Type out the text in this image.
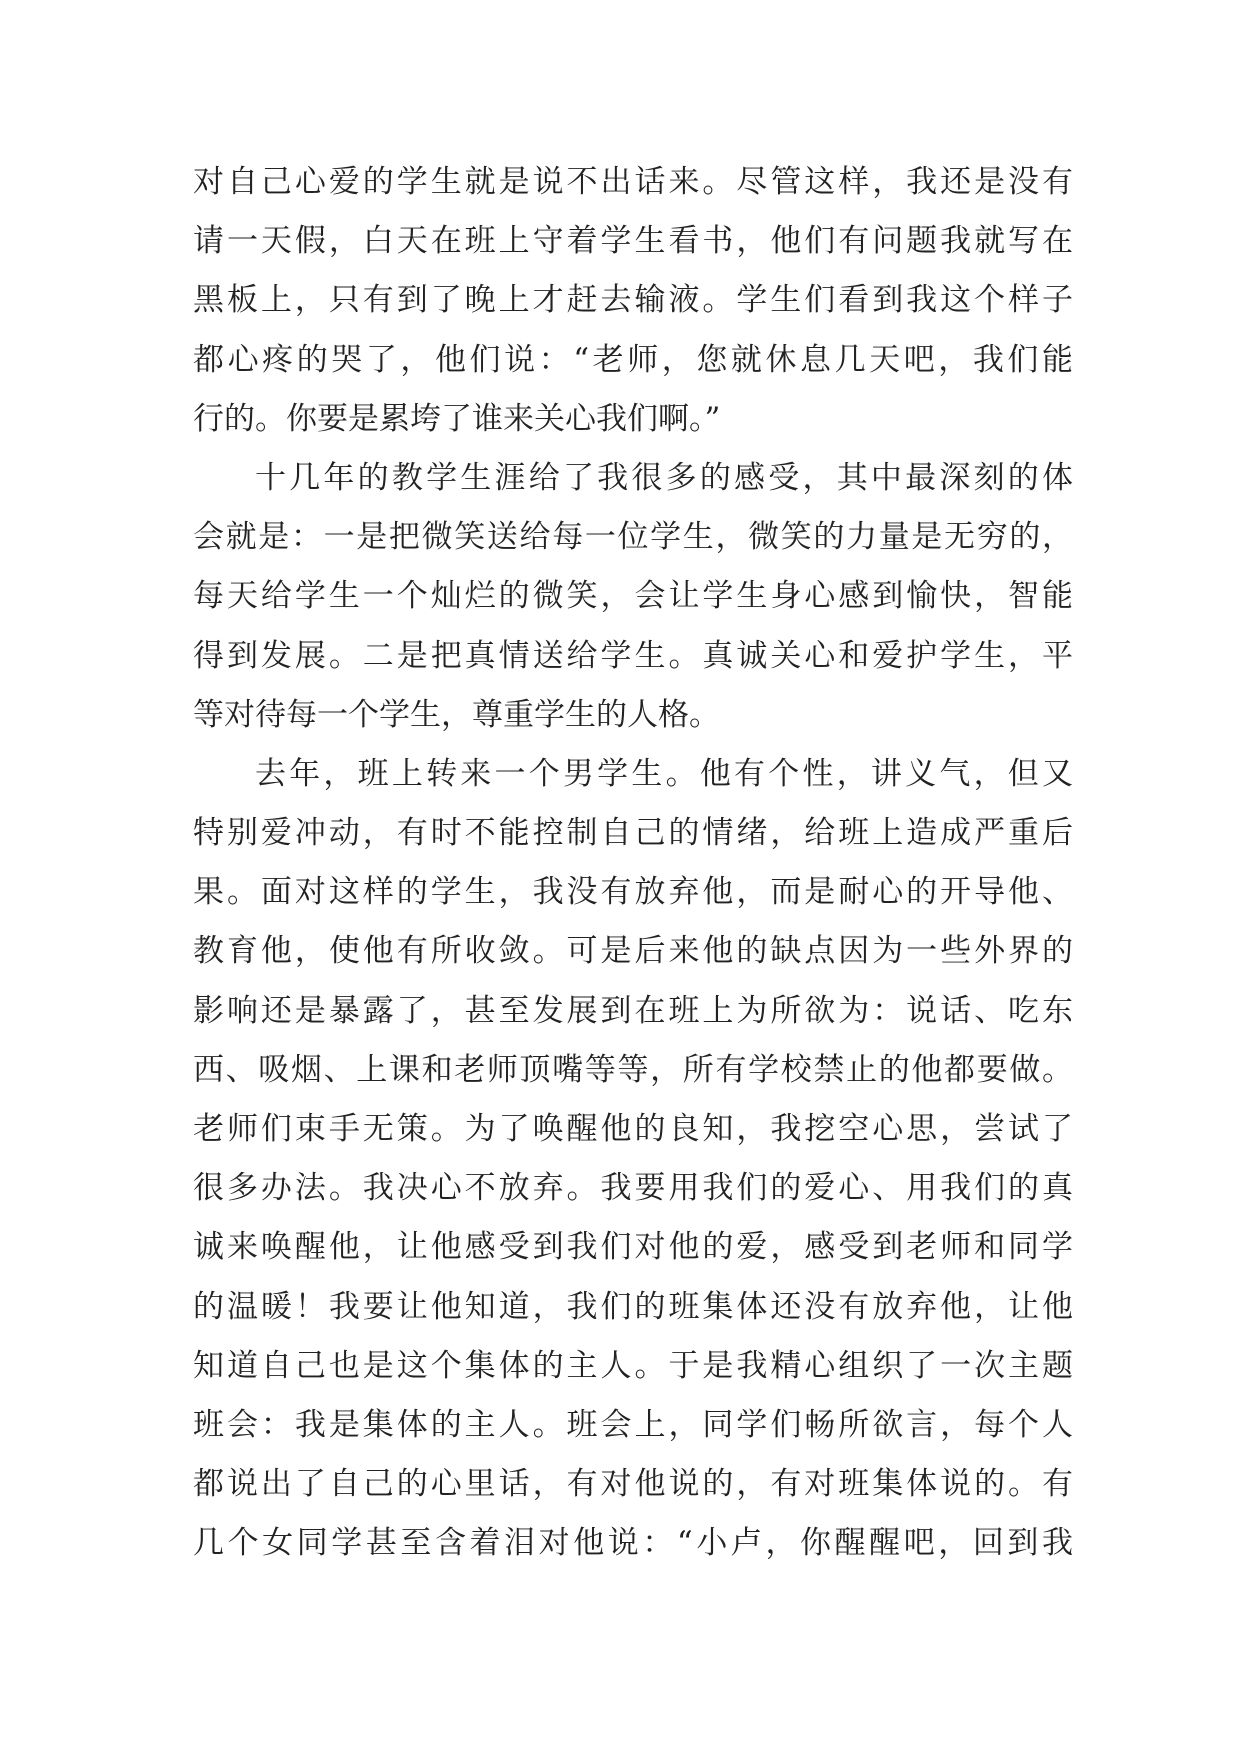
对自己心爱的学生就是说不出话来。尽管这样，我还是没有
请一天假，白天在班上守着学生看书，他们有问题我就写在
黑板上，只有到了晚上才赶去输液。学生们看到我这个样子
都心疼的哭了，他们说：“老师，您就休息几天吧，我们能
行的。你要是累垮了谁来关心我们啊。”
十几年的教学生涯给了我很多的感受，其中最深刻的体
会就是：一是把微笑送给每一位学生，微笑的力量是无穷的，
每天给学生一个灿烂的微笑，会让学生身心感到愉快，智能
得到发展。二是把真情送给学生。真诚关心和爱护学生，平
等对待每一个学生，尊重学生的人格。
去年，班上转来一个男学生。他有个性，讲义气，但又
特别爱冲动，有时不能控制自己的情绪，给班上造成严重后
果。面对这样的学生，我没有放弃他，而是耐心的开导他、
教育他，使他有所收敛。可是后来他的缺点因为一些外界的
影响还是暴露了，甚至发展到在班上为所欲为：说话、吃东
西、吸烟、上课和老师顶嘴等等，所有学校禁止的他都要做。
老师们束手无策。为了唤醒他的良知，我挖空心思，尝试了
很多办法。我决心不放弃。我要用我们的爱心、用我们的真
诚来唤醒他，让他感受到我们对他的爱，感受到老师和同学
的温暖！我要让他知道，我们的班集体还没有放弃他，让他
知道自己也是这个集体的主人。于是我精心组织了一次主题
班会：我是集体的主人。班会上，同学们畅所欲言，每个人
都说出了自己的心里话，有对他说的，有对班集体说的。有
几个女同学甚至含着泪对他说：“小卢，你醒醒吧，回到我
